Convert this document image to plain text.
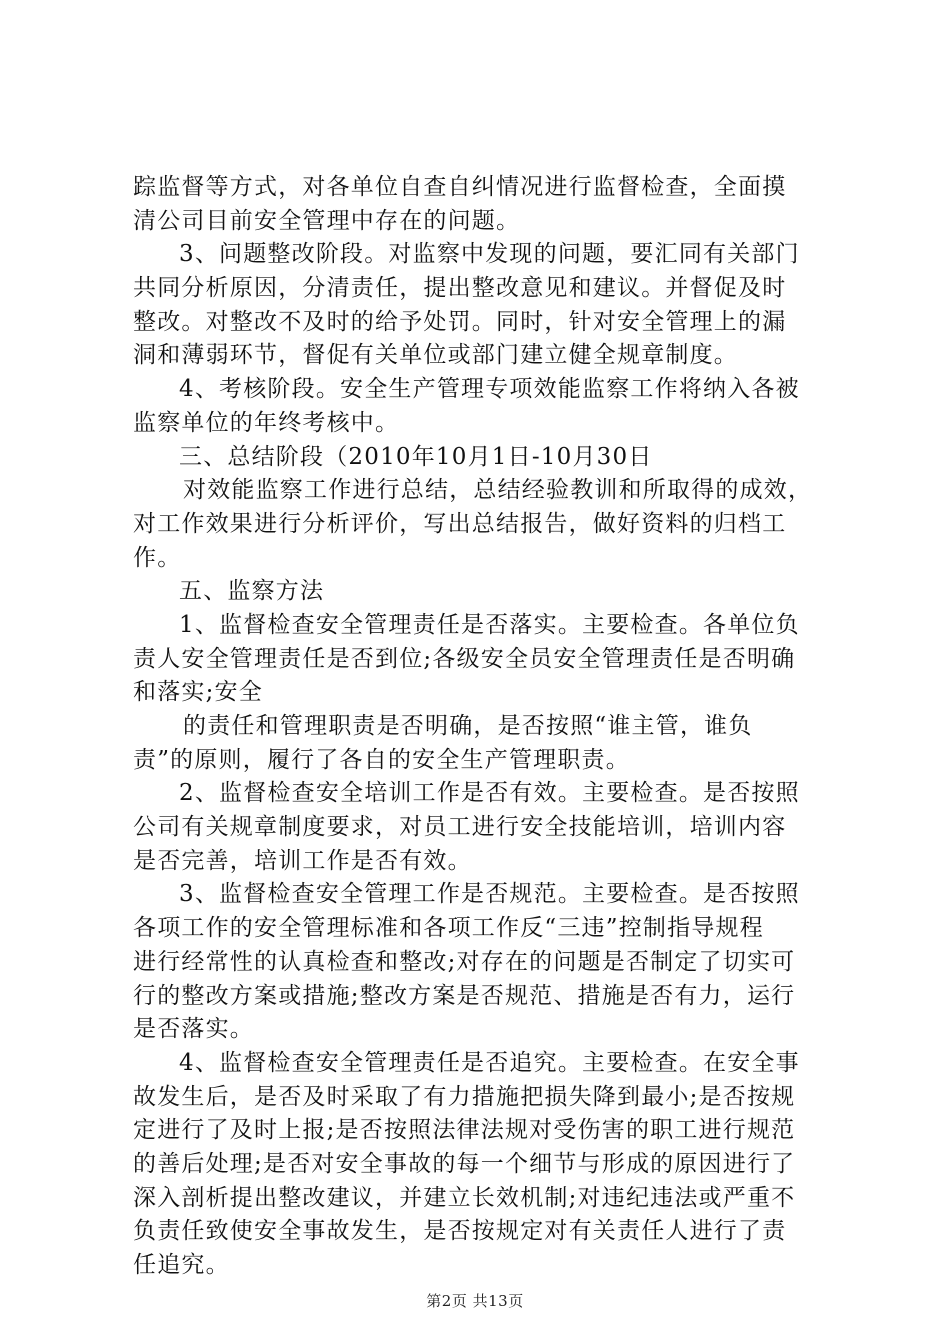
踪监督等方式，对各单位自查自纠情况进行监督检查，全面摸
清公司目前安全管理中存在的问题。
3、问题整改阶段。对监察中发现的问题，要汇同有关部门
共同分析原因，分清责任，提出整改意见和建议。并督促及时
整改。对整改不及时的给予处罚。同时，针对安全管理上的漏
洞和薄弱环节，督促有关单位或部门建立健全规章制度。
4、考核阶段。安全生产管理专项效能监察工作将纳入各被
监察单位的年终考核中。
三、总结阶段（2010年10月1日-10月30日
对效能监察工作进行总结，总结经验教训和所取得的成效，
对工作效果进行分析评价，写出总结报告，做好资料的归档工
作。
五、监察方法
1、监督检查安全管理责任是否落实。主要检查。各单位负
责人安全管理责任是否到位;各级安全员安全管理责任是否明确
和落实;安全
的责任和管理职责是否明确，是否按照“谁主管，谁负
责”的原则，履行了各自的安全生产管理职责。
2、监督检查安全培训工作是否有效。主要检查。是否按照
公司有关规章制度要求，对员工进行安全技能培训，培训内容
是否完善，培训工作是否有效。
3、监督检查安全管理工作是否规范。主要检查。是否按照
各项工作的安全管理标准和各项工作反“三违”控制指导规程
进行经常性的认真检查和整改;对存在的问题是否制定了切实可
行的整改方案或措施;整改方案是否规范、措施是否有力，运行
是否落实。
4、监督检查安全管理责任是否追究。主要检查。在安全事
故发生后，是否及时采取了有力措施把损失降到最小;是否按规
定进行了及时上报;是否按照法律法规对受伤害的职工进行规范
的善后处理;是否对安全事故的每一个细节与形成的原因进行了
深入剖析提出整改建议，并建立长效机制;对违纪违法或严重不
负责任致使安全事故发生，是否按规定对有关责任人进行了责
任追究。
第2页 共13页
